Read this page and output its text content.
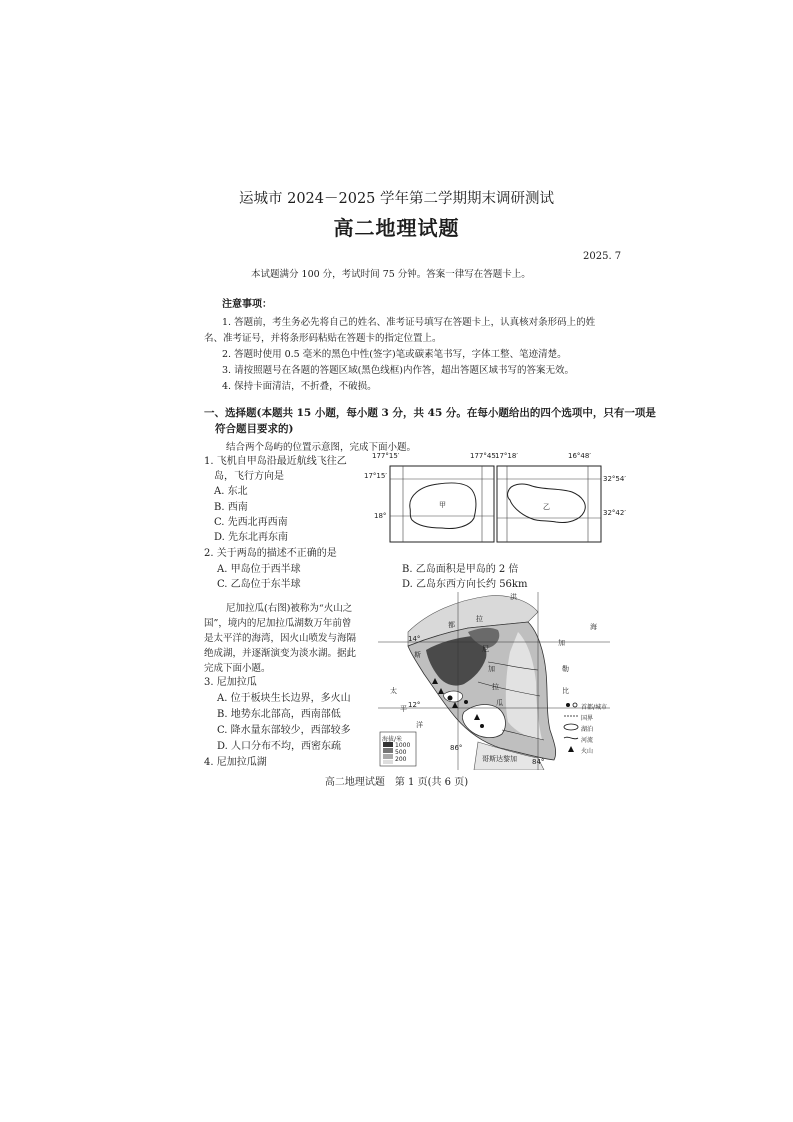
运城市 2024－2025 学年第二学期期末调研测试
高二地理试题
2025. 7
本试题满分 100 分，考试时间 75 分钟。答案一律写在答题卡上。
注意事项：
1. 答题前，考生务必先将自己的姓名、准考证号填写在答题卡上，认真核对条形码上的姓
名、准考证号，并将条形码粘贴在答题卡的指定位置上。
2. 答题时使用 0.5 毫米的黑色中性(签字)笔或碳素笔书写，字体工整、笔迹清楚。
3. 请按照题号在各题的答题区域(黑色线框)内作答，超出答题区域书写的答案无效。
4. 保持卡面清洁，不折叠，不破损。
一、选择题(本题共 15 小题，每小题 3 分，共 45 分。在每小题给出的四个选项中，只有一项是
符合题目要求的)
结合两个岛屿的位置示意图，完成下面小题。
1. 飞机自甲岛沿最近航线飞往乙
岛，飞行方向是
A. 东北
B. 西南
C. 先西北再西南
D. 先东北再东南
177°15′	177°45′
17°18′	16°48′
17°15′
18°
32°54′
32°42′
甲	乙
2. 关于两岛的描述不正确的是
A. 甲岛位于西半球	B. 乙岛面积是甲岛的 2 倍
C. 乙岛位于东半球	D. 乙岛东西方向长约 56km
尼加拉瓜(右图)被称为“火山之
国”，境内的尼加拉瓜湖数万年前曾
是太平洋的海湾，因火山喷发与海隔
绝成湖，并逐渐演变为淡水湖。据此
完成下面小题。
3. 尼加拉瓜
A. 位于板块生长边界，多火山
B. 地势东北部高，西南部低
C. 降水量东部较少，西部较多
D. 人口分布不均，西密东疏
4. 尼加拉瓜湖
14°
12°
86°
84°
洪
都
拉
斯
尼
加
拉
瓜
加
勒
比
海
太
平
洋
哥斯达黎加
海拔/米
1000
500
200
首都/城市
国界
湖泊
河流
火山
高二地理试题　第 1 页(共 6 页)
